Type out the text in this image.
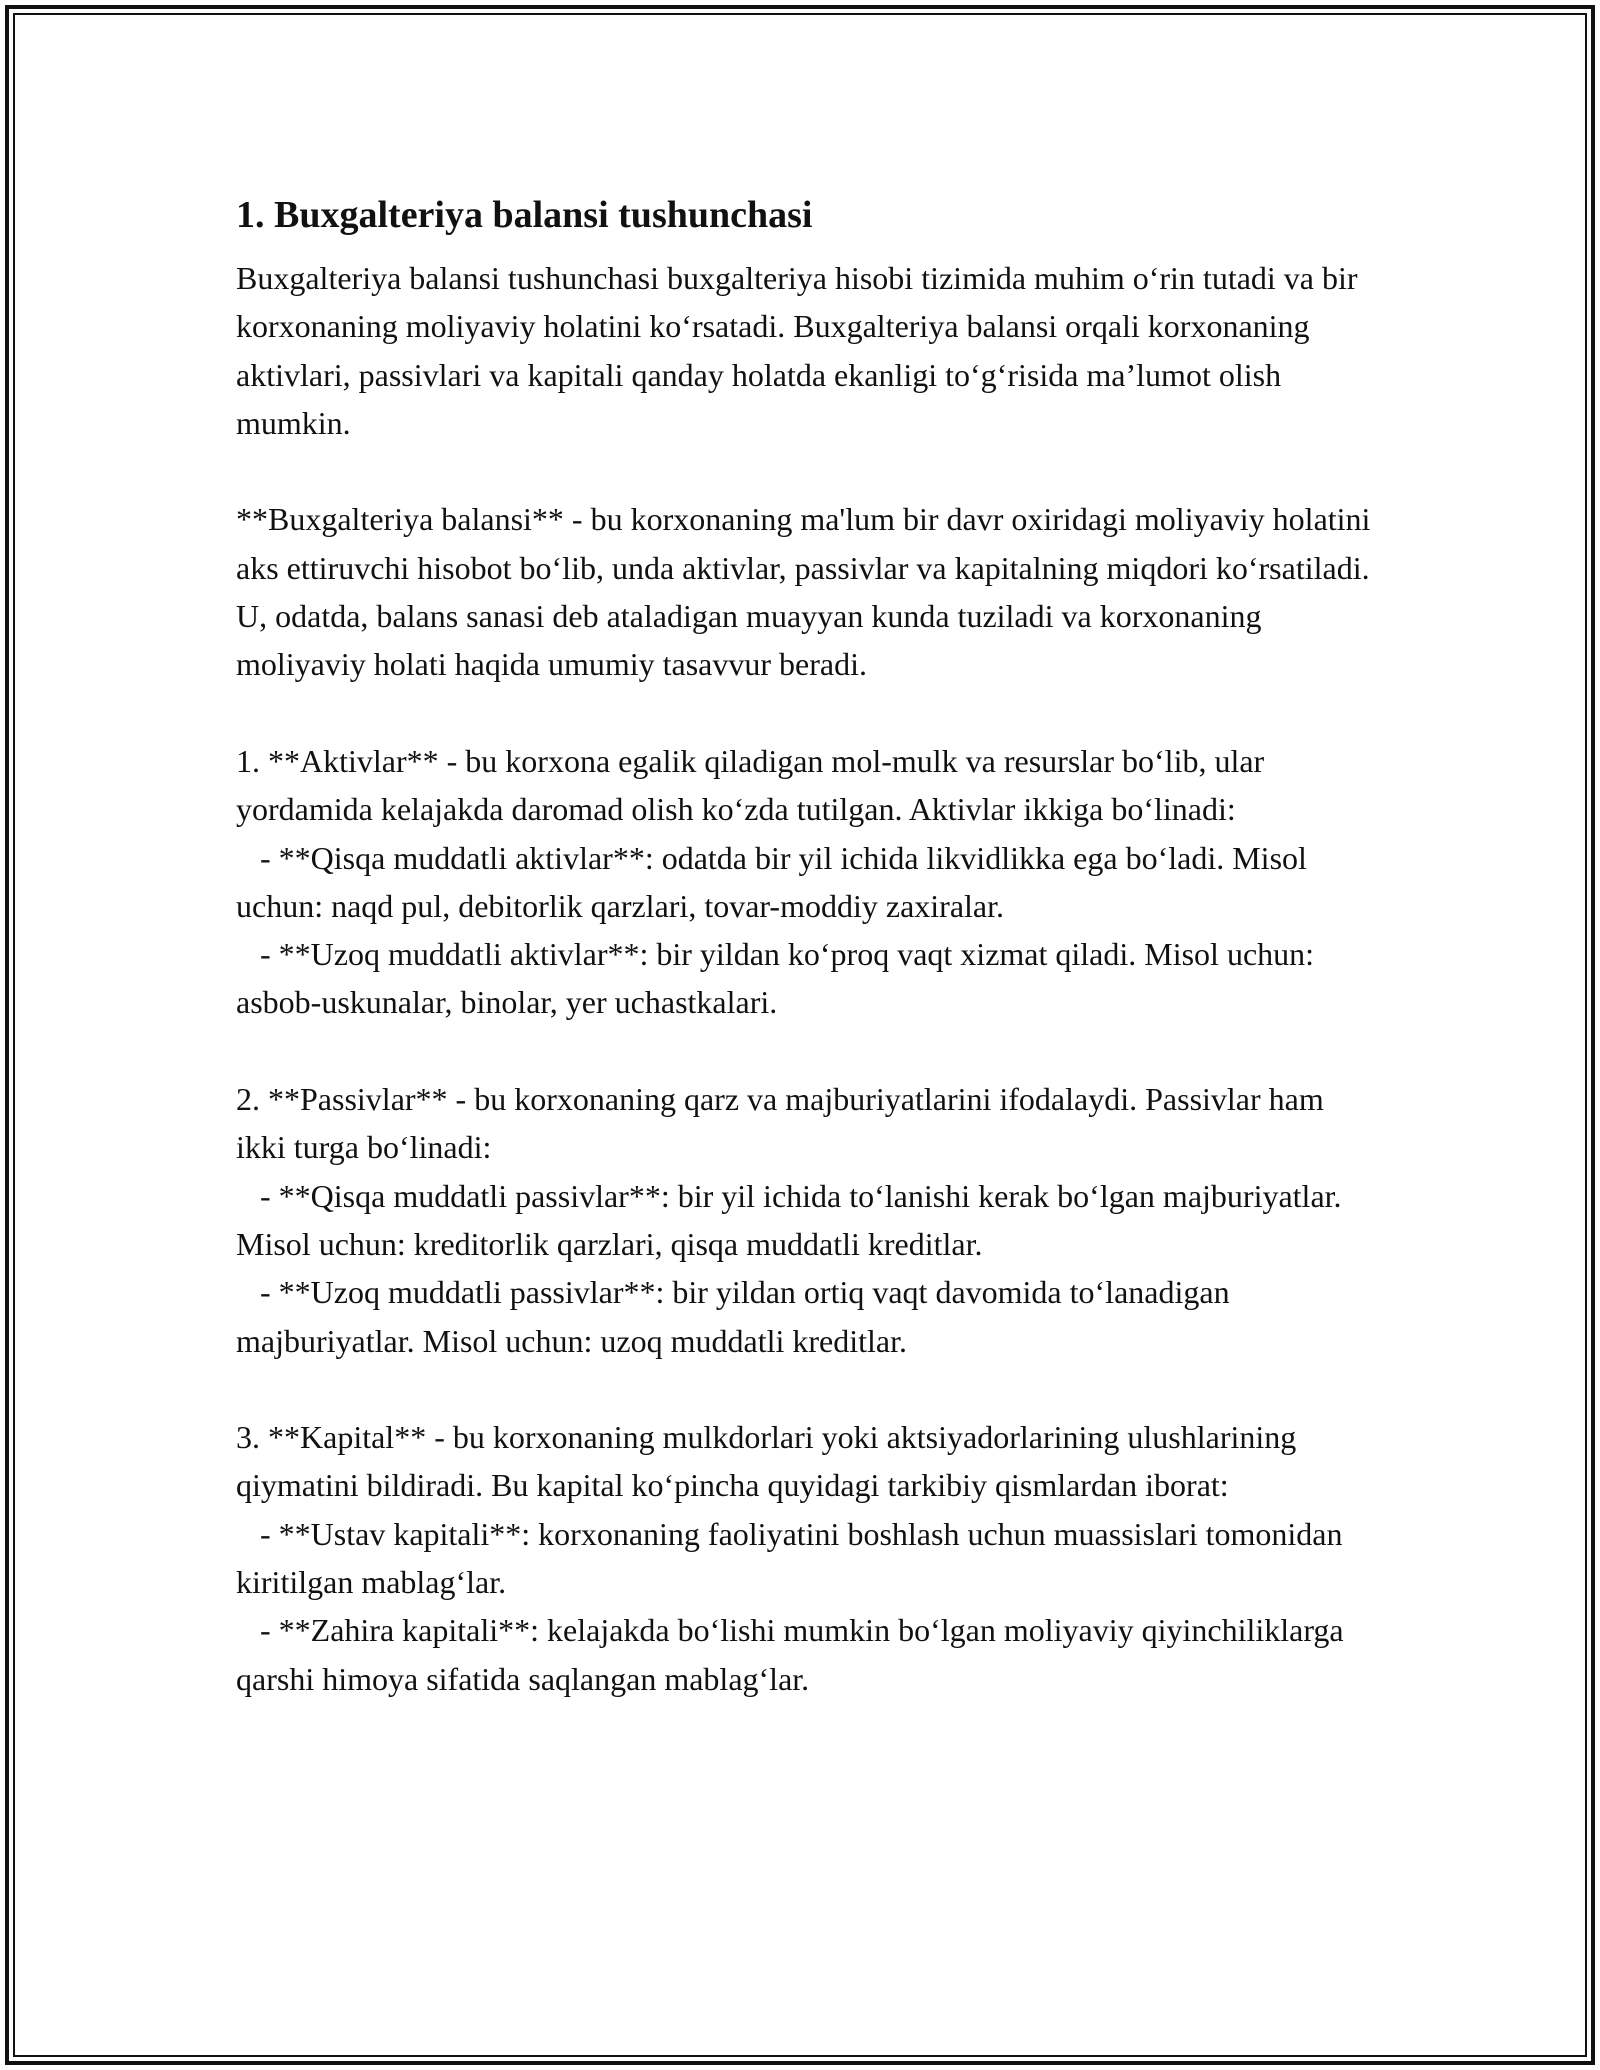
1. Buxgalteriya balansi tushunchasi

Buxgalteriya balansi tushunchasi buxgalteriya hisobi tizimida muhim o‘rin tutadi va bir korxonaning moliyaviy holatini ko‘rsatadi. Buxgalteriya balansi orqali korxonaning aktivlari, passivlari va kapitali qanday holatda ekanligi to‘g‘risida ma’lumot olish mumkin.

**Buxgalteriya balansi** - bu korxonaning ma'lum bir davr oxiridagi moliyaviy holatini aks ettiruvchi hisobot bo‘lib, unda aktivlar, passivlar va kapitalning miqdori ko‘rsatiladi. U, odatda, balans sanasi deb ataladigan muayyan kunda tuziladi va korxonaning moliyaviy holati haqida umumiy tasavvur beradi.

1. **Aktivlar** - bu korxona egalik qiladigan mol-mulk va resurslar bo‘lib, ular yordamida kelajakda daromad olish ko‘zda tutilgan. Aktivlar ikkiga bo‘linadi:

- **Qisqa muddatli aktivlar**: odatda bir yil ichida likvidlikka ega bo‘ladi. Misol uchun: naqd pul, debitorlik qarzlari, tovar-moddiy zaxiralar.

- **Uzoq muddatli aktivlar**: bir yildan ko‘proq vaqt xizmat qiladi. Misol uchun: asbob-uskunalar, binolar, yer uchastkalari.

2. **Passivlar** - bu korxonaning qarz va majburiyatlarini ifodalaydi. Passivlar ham ikki turga bo‘linadi:

- **Qisqa muddatli passivlar**: bir yil ichida to‘lanishi kerak bo‘lgan majburiyatlar. Misol uchun: kreditorlik qarzlari, qisqa muddatli kreditlar.

- **Uzoq muddatli passivlar**: bir yildan ortiq vaqt davomida to‘lanadigan majburiyatlar. Misol uchun: uzoq muddatli kreditlar.

3. **Kapital** - bu korxonaning mulkdorlari yoki aktsiyadorlarining ulushlarining qiymatini bildiradi. Bu kapital ko‘pincha quyidagi tarkibiy qismlardan iborat:

- **Ustav kapitali**: korxonaning faoliyatini boshlash uchun muassislari tomonidan kiritilgan mablag‘lar.

- **Zahira kapitali**: kelajakda bo‘lishi mumkin bo‘lgan moliyaviy qiyinchiliklarga qarshi himoya sifatida saqlangan mablag‘lar.
